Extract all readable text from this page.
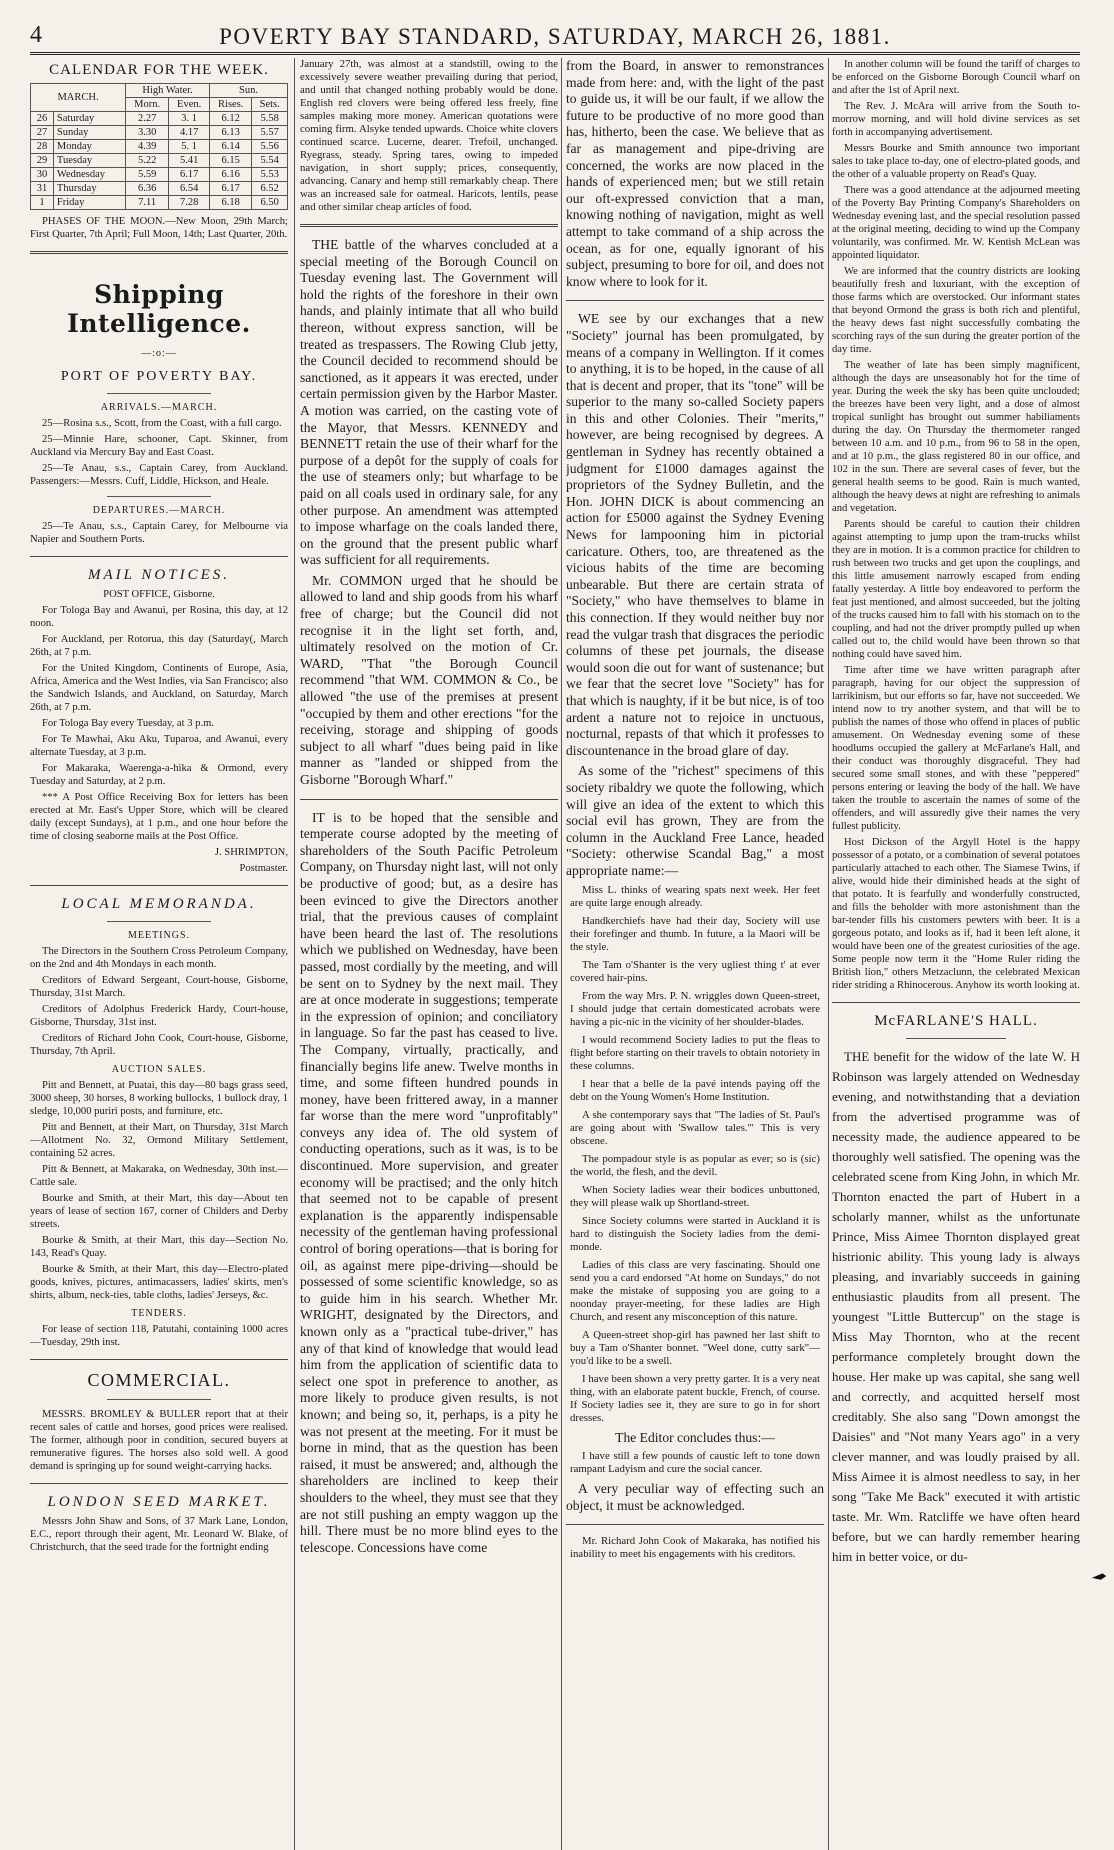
4	POVERTY BAY STANDARD, SATURDAY, MARCH 26, 1881.
CALENDAR FOR THE WEEK.
MARCH.		High Water.		Sun.	
		Morn.	Even.	Rises.	Sets.
26	Saturday	2.27	3. 1	6.12	5.58
27	Sunday	3.30	4.17	6.13	5.57
28	Monday	4.39	5. 1	6.14	5.56
29	Tuesday	5.22	5.41	6.15	5.54
30	Wednesday	5.59	6.17	6.16	5.53
31	Thursday	6.36	6.54	6.17	6.52
1	Friday	7.11	7.28	6.18	6.50

PHASES OF THE MOON.—New Moon, 29th March; First Quarter, 7th April; Full Moon, 14th; Last Quarter, 20th.

Shipping Intelligence.
—:o:—
PORT OF POVERTY BAY.
ARRIVALS.—MARCH.

25—Rosina s.s., Scott, from the Coast, with a full cargo.

25—Minnie Hare, schooner, Capt. Skinner, from Auckland via Mercury Bay and East Coast.

25—Te Anau, s.s., Captain Carey, from Auckland. Passengers:—Messrs. Cuff, Liddle, Hickson, and Heale.

DEPARTURES.—MARCH.

25—Te Anau, s.s., Captain Carey, for Melbourne via Napier and Southern Ports.

MAIL NOTICES.

POST OFFICE, Gisborne.

For Tologa Bay and Awanui, per Rosina, this day, at 12 noon.

For Auckland, per Rotorua, this day (Saturday(, March 26th, at 7 p.m.

For the United Kingdom, Continents of Europe, Asia, Africa, America and the West Indies, via San Francisco; also the Sandwich Islands, and Auckland, on Saturday, March 26th, at 7 p.m.

For Tologa Bay every Tuesday, at 3 p.m.

For Te Mawhai, Aku Aku, Tuparoa, and Awanui, every alternate Tuesday, at 3 p.m.

For Makaraka, Waerenga-a-hika & Ormond, every Tuesday and Saturday, at 2 p.m.

*** A Post Office Receiving Box for letters has been erected at Mr. East's Upper Store, which will be cleared daily (except Sundays), at 1 p.m., and one hour before the time of closing seaborne mails at the Post Office.

J. SHRIMPTON,

Postmaster.

LOCAL MEMORANDA.
MEETINGS.

The Directors in the Southern Cross Petroleum Company, on the 2nd and 4th Mondays in each month.

Creditors of Edward Sergeant, Court-house, Gisborne, Thursday, 31st March.

Creditors of Adolphus Frederick Hardy, Court-house, Gisborne, Thursday, 31st inst.

Creditors of Richard John Cook, Court-house, Gisborne, Thursday, 7th April.

AUCTION SALES.

Pitt and Bennett, at Puatai, this day—80 bags grass seed, 3000 sheep, 30 horses, 8 working bullocks, 1 bullock dray, 1 sledge, 10,000 puriri posts, and furniture, etc.

Pitt and Bennett, at their Mart, on Thursday, 31st March—Allotment No. 32, Ormond Military Settlement, containing 52 acres.

Pitt & Bennett, at Makaraka, on Wednesday, 30th inst.—Cattle sale.

Bourke and Smith, at their Mart, this day—About ten years of lease of section 167, corner of Childers and Derby streets.

Bourke & Smith, at their Mart, this day—Section No. 143, Read's Quay.

Bourke & Smith, at their Mart, this day—Electro-plated goods, knives, pictures, antimacassers, ladies' skirts, men's shirts, album, neck-ties, table cloths, ladies' Jerseys, &c.

TENDERS.

For lease of section 118, Patutahi, containing 1000 acres—Tuesday, 29th inst.

COMMERCIAL.

MESSRS. BROMLEY & BULLER report that at their recent sales of cattle and horses, good prices were realised. The former, although poor in condition, secured buyers at remunerative figures. The horses also sold well. A good demand is springing up for sound weight-carrying hacks.

LONDON SEED MARKET.

Messrs John Shaw and Sons, of 37 Mark Lane, London, E.C., report through their agent, Mr. Leonard W. Blake, of Christchurch, that the seed trade for the fortnight ending

January 27th, was almost at a standstill, owing to the excessively severe weather prevailing during that period, and until that changed nothing probably would be done. English red clovers were being offered less freely, fine samples making more money. American quotations were coming firm. Alsyke tended upwards. Choice white clovers continued scarce. Lucerne, dearer. Trefoil, unchanged. Ryegrass, steady. Spring tares, owing to impeded navigation, in short supply; prices, consequently, advancing. Canary and hemp still remarkably cheap. There was an increased sale for oatmeal. Haricots, lentils, pease and other similar cheap articles of food.

THE battle of the wharves concluded at a special meeting of the Borough Council on Tuesday evening last. The Government will hold the rights of the foreshore in their own hands, and plainly intimate that all who build thereon, without express sanction, will be treated as trespassers. The Rowing Club jetty, the Council decided to recommend should be sanctioned, as it appears it was erected, under certain permission given by the Harbor Master. A motion was carried, on the casting vote of the Mayor, that Messrs. KENNEDY and BENNETT retain the use of their wharf for the purpose of a depôt for the supply of coals for the use of steamers only; but wharfage to be paid on all coals used in ordinary sale, for any other purpose. An amendment was attempted to impose wharfage on the coals landed there, on the ground that the present public wharf was sufficient for all requirements.

Mr. COMMON urged that he should be allowed to land and ship goods from his wharf free of charge; but the Council did not recognise it in the light set forth, and, ultimately resolved on the motion of Cr. WARD, "That "the Borough Council recommend "that WM. COMMON & Co., be allowed "the use of the premises at present "occupied by them and other erections "for the receiving, storage and shipping of goods subject to all wharf "dues being paid in like manner as "landed or shipped from the Gisborne "Borough Wharf."

IT is to be hoped that the sensible and temperate course adopted by the meeting of shareholders of the South Pacific Petroleum Company, on Thursday night last, will not only be productive of good; but, as a desire has been evinced to give the Directors another trial, that the previous causes of complaint have been heard the last of. The resolutions which we published on Wednesday, have been passed, most cordially by the meeting, and will be sent on to Sydney by the next mail. They are at once moderate in suggestions; temperate in the expression of opinion; and conciliatory in language. So far the past has ceased to live. The Company, virtually, practically, and financially begins life anew. Twelve months in time, and some fifteen hundred pounds in money, have been frittered away, in a manner far worse than the mere word "unprofitably" conveys any idea of. The old system of conducting operations, such as it was, is to be discontinued. More supervision, and greater economy will be practised; and the only hitch that seemed not to be capable of present explanation is the apparently indispensable necessity of the gentleman having professional control of boring operations—that is boring for oil, as against mere pipe-driving—should be possessed of some scientific knowledge, so as to guide him in his search. Whether Mr. WRIGHT, designated by the Directors, and known only as a "practical tube-driver," has any of that kind of knowledge that would lead him from the application of scientific data to select one spot in preference to another, as more likely to produce given results, is not known; and being so, it, perhaps, is a pity he was not present at the meeting. For it must be borne in mind, that as the question has been raised, it must be answered; and, although the shareholders are inclined to keep their shoulders to the wheel, they must see that they are not still pushing an empty waggon up the hill. There must be no more blind eyes to the telescope. Concessions have come

from the Board, in answer to remonstrances made from here: and, with the light of the past to guide us, it will be our fault, if we allow the future to be productive of no more good than has, hitherto, been the case. We believe that as far as management and pipe-driving are concerned, the works are now placed in the hands of experienced men; but we still retain our oft-expressed conviction that a man, knowing nothing of navigation, might as well attempt to take command of a ship across the ocean, as for one, equally ignorant of his subject, presuming to bore for oil, and does not know where to look for it.

WE see by our exchanges that a new "Society" journal has been promulgated, by means of a company in Wellington. If it comes to anything, it is to be hoped, in the cause of all that is decent and proper, that its "tone" will be superior to the many so-called Society papers in this and other Colonies. Their "merits," however, are being recognised by degrees. A gentleman in Sydney has recently obtained a judgment for £1000 damages against the proprietors of the Sydney Bulletin, and the Hon. JOHN DICK is about commencing an action for £5000 against the Sydney Evening News for lampooning him in pictorial caricature. Others, too, are threatened as the vicious habits of the time are becoming unbearable. But there are certain strata of "Society," who have themselves to blame in this connection. If they would neither buy nor read the vulgar trash that disgraces the periodic columns of these pet journals, the disease would soon die out for want of sustenance; but we fear that the secret love "Society" has for that which is naughty, if it be but nice, is of too ardent a nature not to rejoice in unctuous, nocturnal, repasts of that which it professes to discountenance in the broad glare of day.

As some of the "richest" specimens of this society ribaldry we quote the following, which will give an idea of the extent to which this social evil has grown, They are from the column in the Auckland Free Lance, headed "Society: otherwise Scandal Bag," a most appropriate name:—

Miss L. thinks of wearing spats next week. Her feet are quite large enough already.

Handkerchiefs have had their day, Society will use their forefinger and thumb. In future, a la Maori will be the style.

The Tam o'Shanter is the very ugliest thing t' at ever covered hair-pins.

From the way Mrs. P. N. wriggles down Queen-street, I should judge that certain domesticated acrobats were having a pic-nic in the vicinity of her shoulder-blades.

I would recommend Society ladies to put the fleas to flight before starting on their travels to obtain notoriety in these columns.

I hear that a belle de la pavé intends paying off the debt on the Young Women's Home Institution.

A she contemporary says that "The ladies of St. Paul's are going about with 'Swallow tales.'" This is very obscene.

The pompadour style is as popular as ever; so is (sic) the world, the flesh, and the devil.

When Society ladies wear their bodices unbuttoned, they will please walk up Shortland-street.

Since Society columns were started in Auckland it is hard to distinguish the Society ladies from the demi-monde.

Ladies of this class are very fascinating. Should one send you a card endorsed "At home on Sundays," do not make the mistake of supposing you are going to a noonday prayer-meeting, for these ladies are High Church, and resent any misconception of this nature.

A Queen-street shop-girl has pawned her last shift to buy a Tam o'Shanter bonnet. "Weel done, cutty sark"—you'd like to be a swell.

I have been shown a very pretty garter. It is a very neat thing, with an elaborate patent buckle, French, of course. If Society ladies see it, they are sure to go in for short dresses.

The Editor concludes thus:—

I have still a few pounds of caustic left to tone down rampant Ladyism and cure the social cancer.

A very peculiar way of effecting such an object, it must be acknowledged.

Mr. Richard John Cook of Makaraka, has notified his inability to meet his engagements with his creditors.

In another column will be found the tariff of charges to be enforced on the Gisborne Borough Council wharf on and after the 1st of April next.

The Rev. J. McAra will arrive from the South to-morrow morning, and will hold divine services as set forth in accompanying advertisement.

Messrs Bourke and Smith announce two important sales to take place to-day, one of electro-plated goods, and the other of a valuable property on Read's Quay.

There was a good attendance at the adjourned meeting of the Poverty Bay Printing Company's Shareholders on Wednesday evening last, and the special resolution passed at the original meeting, deciding to wind up the Company voluntarily, was confirmed. Mr. W. Kentish McLean was appointed liquidator.

We are informed that the country districts are looking beautifully fresh and luxuriant, with the exception of those farms which are overstocked. Our informant states that beyond Ormond the grass is both rich and plentiful, the heavy dews fast night successfully combating the scorching rays of the sun during the greater portion of the day time.

The weather of late has been simply magnificent, although the days are unseasonably hot for the time of year. During the week the sky has been quite unclouded; the breezes have been very light, and a dose of almost tropical sunlight has brought out summer habiliaments during the day. On Thursday the thermometer ranged between 10 a.m. and 10 p.m., from 96 to 58 in the open, and at 10 p.m., the glass registered 80 in our office, and 102 in the sun. There are several cases of fever, but the general health seems to be good. Rain is much wanted, although the heavy dews at night are refreshing to animals and vegetation.

Parents should be careful to caution their children against attempting to jump upon the tram-trucks whilst they are in motion. It is a common practice for children to rush between two trucks and get upon the couplings, and this little amusement narrowly escaped from ending fatally yesterday. A little boy endeavored to perform the feat just mentioned, and almost succeeded, but the jolting of the trucks caused him to fall with his stomach on to the coupling, and had not the driver promptly pulled up when called out to, the child would have been thrown so that nothing could have saved him.

Time after time we have written paragraph after paragraph, having for our object the suppression of larrikinism, but our efforts so far, have not succeeded. We intend now to try another system, and that will be to publish the names of those who offend in places of public amusement. On Wednesday evening some of these hoodlums occupied the gallery at McFarlane's Hall, and their conduct was thoroughly disgraceful. They had secured some small stones, and with these "peppered" persons entering or leaving the body of the hall. We have taken the trouble to ascertain the names of some of the offenders, and will assuredly give their names the very fullest publicity.

Host Dickson of the Argyll Hotel is the happy possessor of a potato, or a combination of several potatoes particularly attached to each other. The Siamese Twins, if alive, would hide their diminished heads at the sight of that potato. It is fearfully and wonderfully constructed, and fills the beholder with more astonishment than the bar-tender fills his customers pewters with beer. It is a gorgeous potato, and looks as if, had it been left alone, it would have been one of the greatest curiosities of the age. Some people now term it the "Home Ruler riding the British lion," others Metzaclunn, the celebrated Mexican rider striding a Rhinocerous. Anyhow its worth looking at.

McFARLANE'S HALL.

THE benefit for the widow of the late W. H Robinson was largely attended on Wednesday evening, and notwithstanding that a deviation from the advertised programme was of necessity made, the audience appeared to be thoroughly well satisfied. The opening was the celebrated scene from King John, in which Mr. Thornton enacted the part of Hubert in a scholarly manner, whilst as the unfortunate Prince, Miss Aimee Thornton displayed great histrionic ability. This young lady is always pleasing, and invariably succeeds in gaining enthusiastic plaudits from all present. The youngest "Little Buttercup" on the stage is Miss May Thornton, who at the recent performance completely brought down the house. Her make up was capital, she sang well and correctly, and acquitted herself most creditably. She also sang "Down amongst the Daisies" and "Not many Years ago" in a very clever manner, and was loudly praised by all. Miss Aimee it is almost needless to say, in her song "Take Me Back" executed it with artistic taste. Mr. Wm. Ratcliffe we have often heard before, but we can hardly remember hearing him in better voice, or du-
